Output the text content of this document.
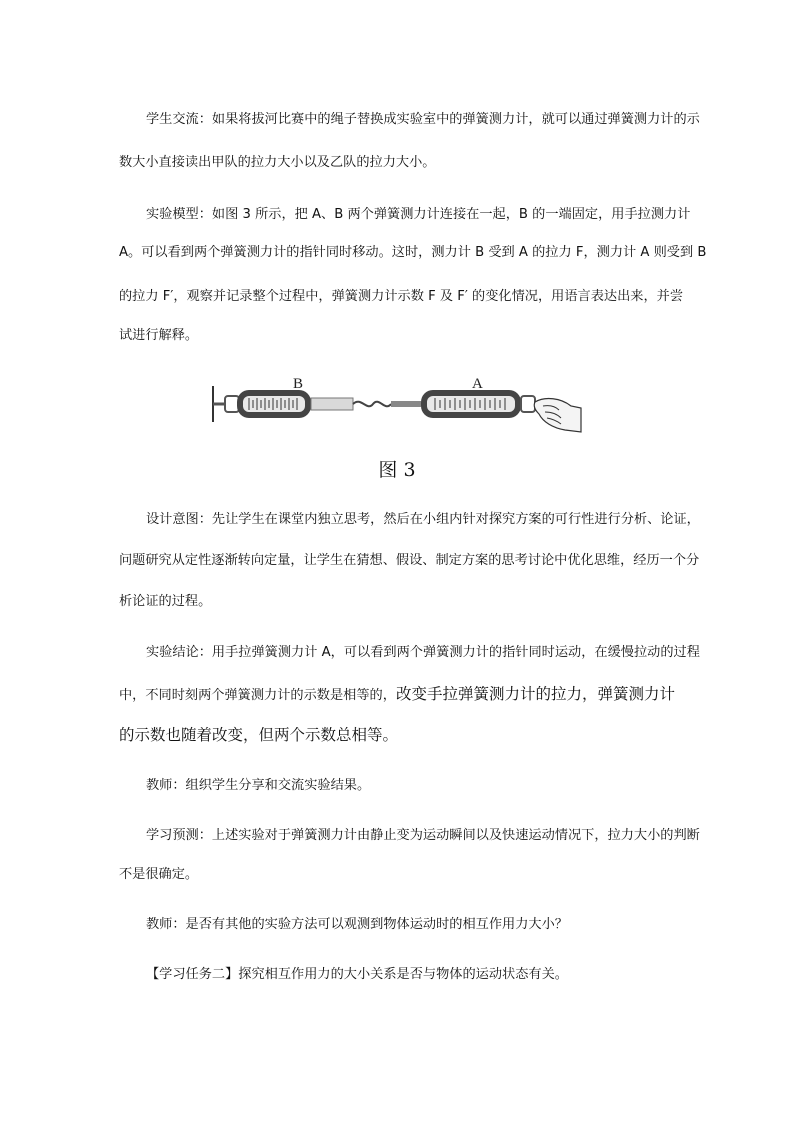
学生交流：如果将拔河比赛中的绳子替换成实验室中的弹簧测力计，就可以通过弹簧测力计的示
数大小直接读出甲队的拉力大小以及乙队的拉力大小。
实验模型：如图 3 所示，把 A、B 两个弹簧测力计连接在一起，B 的一端固定，用手拉测力计
A。可以看到两个弹簧测力计的指针同时移动。这时，测力计 B 受到 A 的拉力 F，测力计 A 则受到 B
的拉力 F′，观察并记录整个过程中，弹簧测力计示数 F 及 F′ 的变化情况，用语言表达出来，并尝
试进行解释。
B	A
图 3
设计意图：先让学生在课堂内独立思考，然后在小组内针对探究方案的可行性进行分析、论证，
问题研究从定性逐渐转向定量，让学生在猜想、假设、制定方案的思考讨论中优化思维，经历一个分
析论证的过程。
实验结论：用手拉弹簧测力计 A，可以看到两个弹簧测力计的指针同时运动，在缓慢拉动的过程
中，不同时刻两个弹簧测力计的示数是相等的，改变手拉弹簧测力计的拉力，弹簧测力计
的示数也随着改变，但两个示数总相等。
教师：组织学生分享和交流实验结果。
学习预测：上述实验对于弹簧测力计由静止变为运动瞬间以及快速运动情况下，拉力大小的判断
不是很确定。
教师：是否有其他的实验方法可以观测到物体运动时的相互作用力大小？
【学习任务二】探究相互作用力的大小关系是否与物体的运动状态有关。
